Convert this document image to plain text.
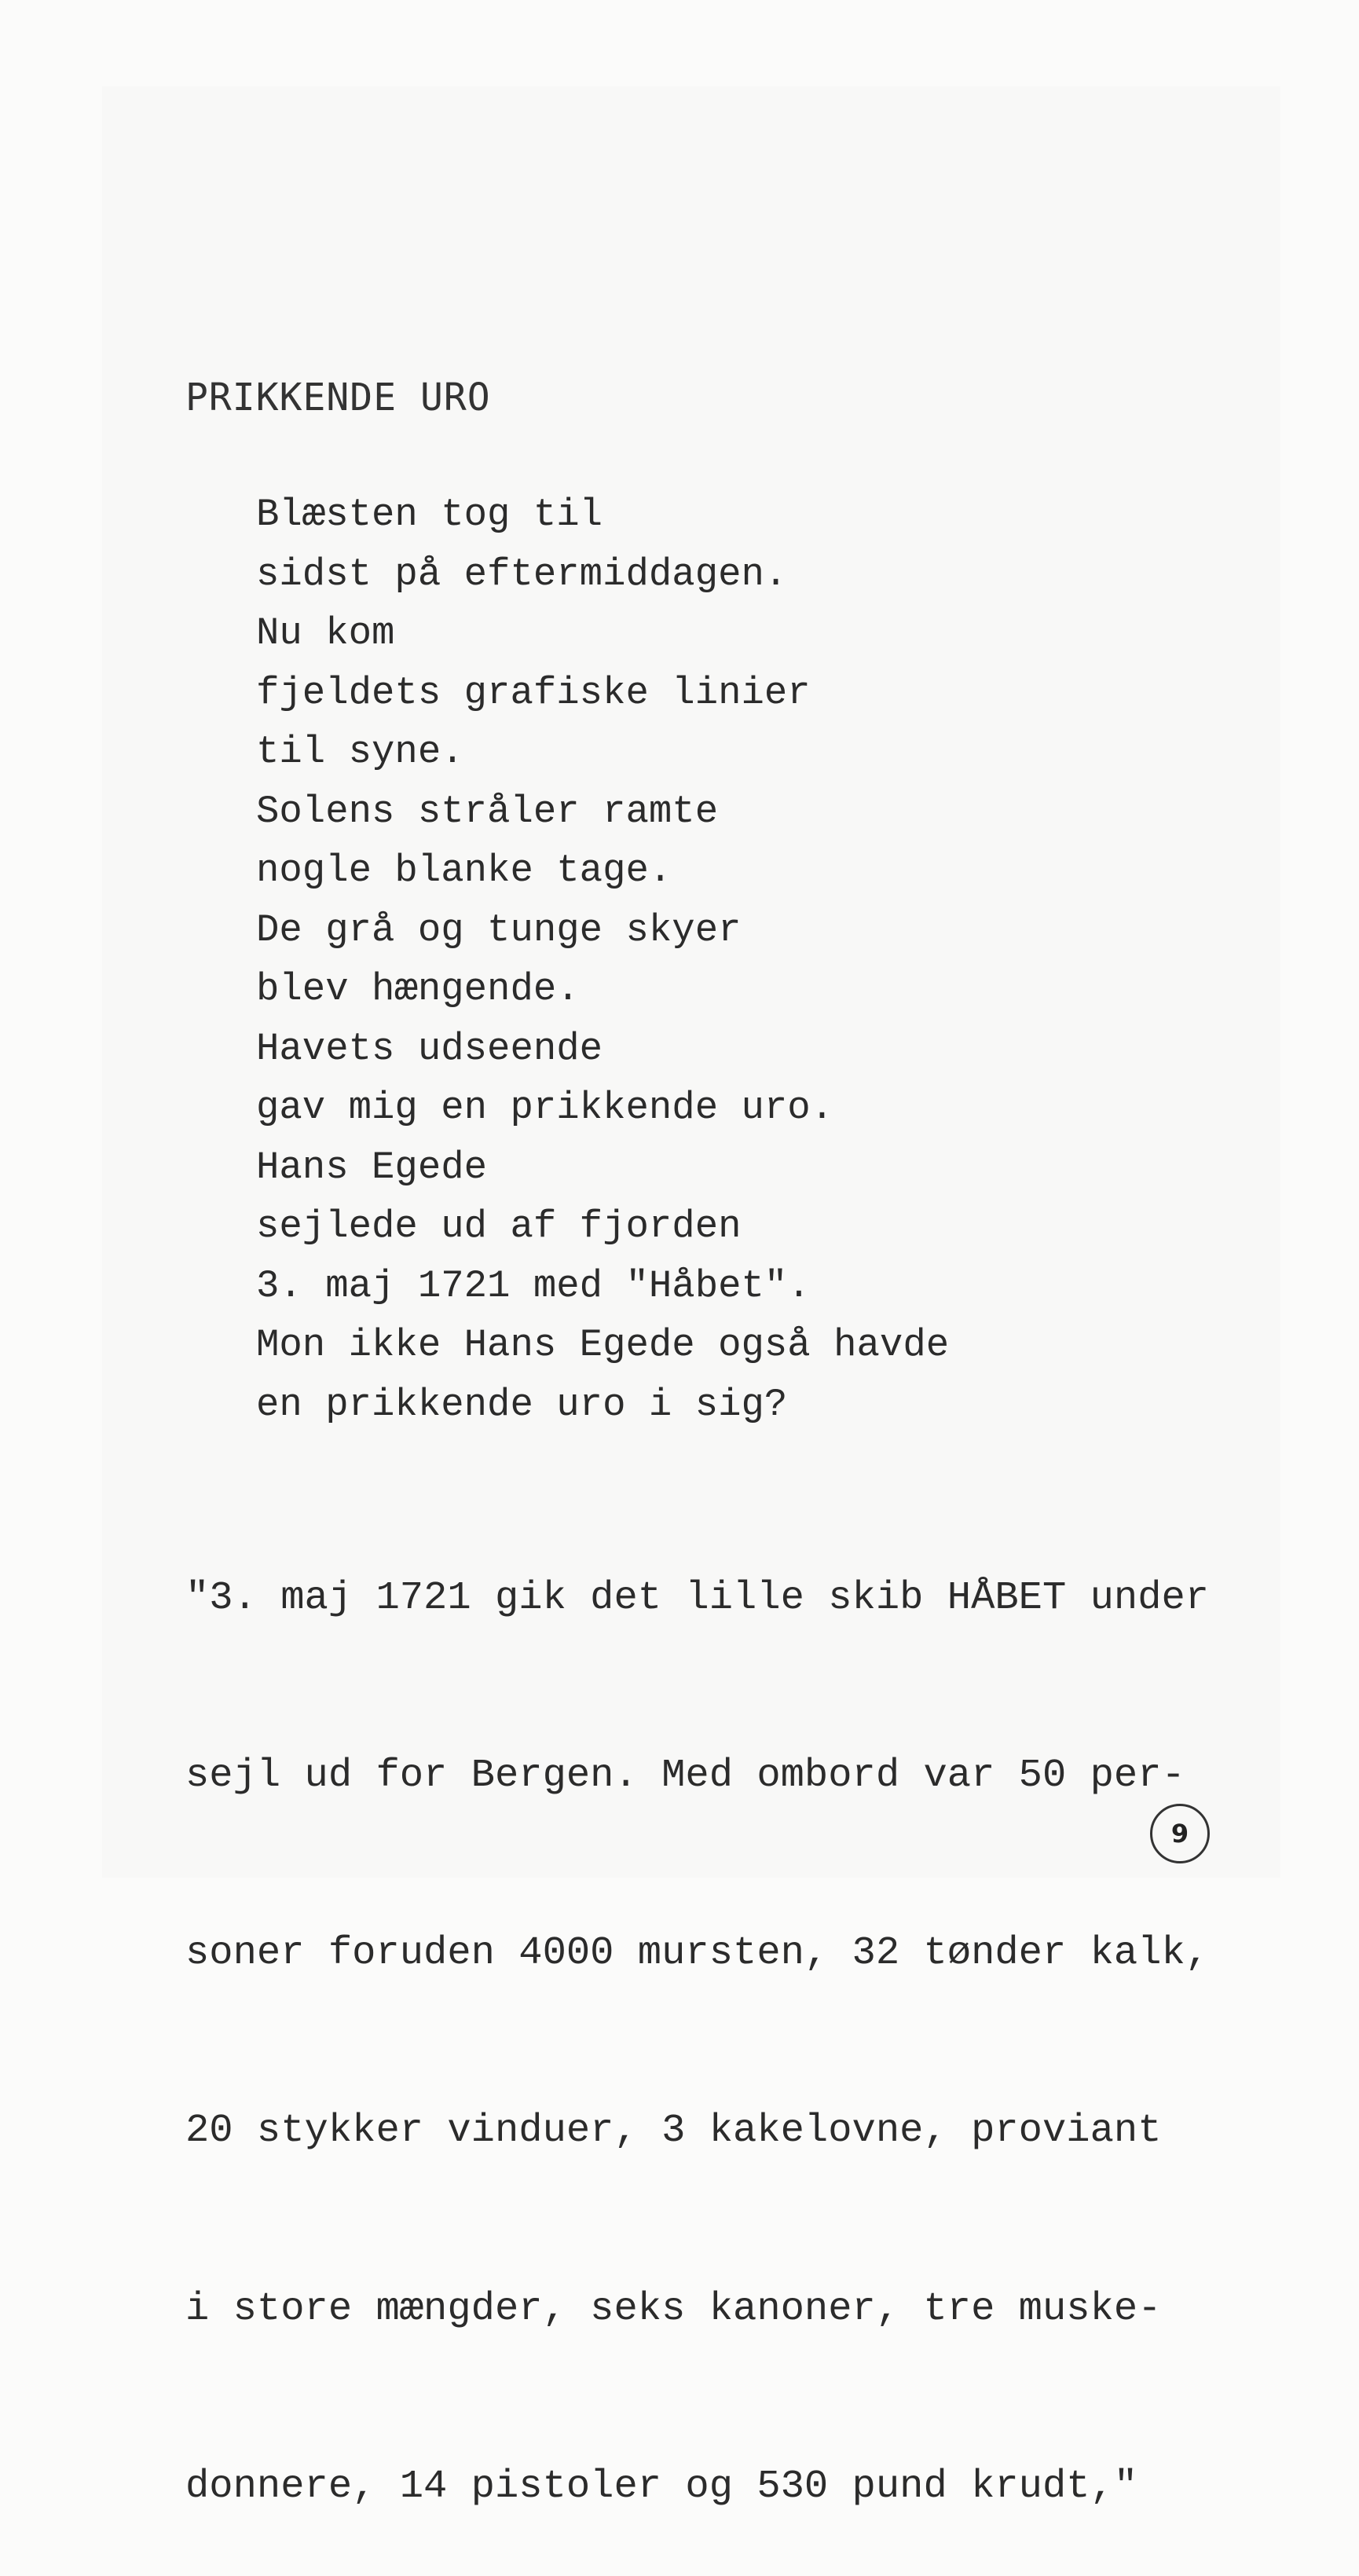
PRIKKENDE URO
Blæsten tog til
sidst på eftermiddagen.
Nu kom
fjeldets grafiske linier
til syne.
Solens stråler ramte
nogle blanke tage.
De grå og tunge skyer
blev hængende.
Havets udseende
gav mig en prikkende uro.
Hans Egede
sejlede ud af fjorden
3. maj 1721 med "Håbet".
Mon ikke Hans Egede også havde
en prikkende uro i sig?

"3. maj 1721 gik det lille skib HÅBET under

sejl ud for Bergen. Med ombord var 50 per-

soner foruden 4000 mursten, 32 tønder kalk,

20 stykker vinduer, 3 kakelovne, proviant

i store mængder, seks kanoner, tre muske-

donnere, 14 pistoler og 530 pund krudt,"

9
